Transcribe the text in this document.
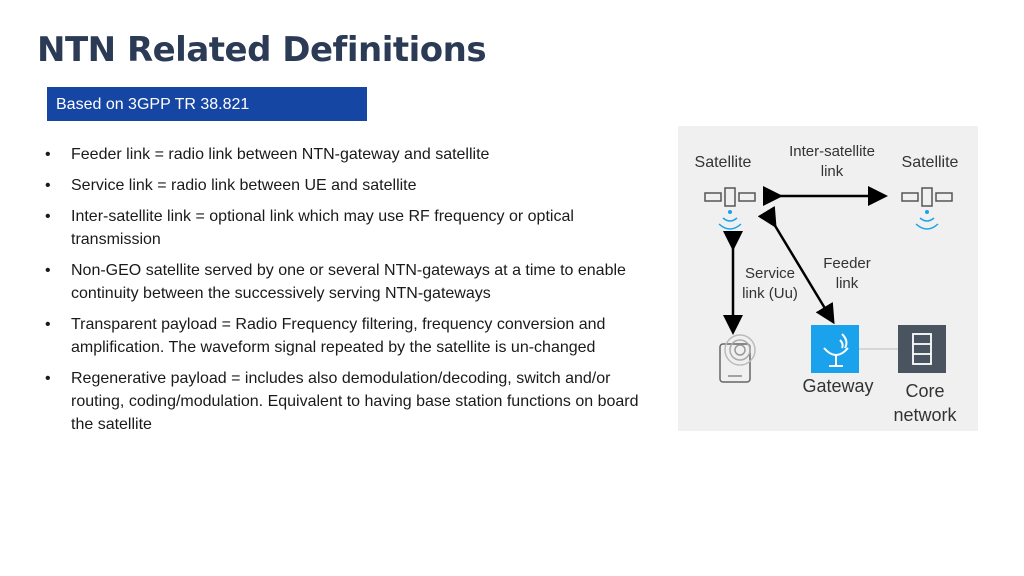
NTN Related Definitions
Based on 3GPP TR 38.821
• Feeder link = radio link between NTN-gateway and satellite
• Service link = radio link between UE and satellite
• Inter-satellite link = optional link which may use RF frequency or optical transmission
• Non-GEO satellite served by one or several NTN-gateways at a time to enable continuity between the successively serving NTN-gateways
• Transparent payload = Radio Frequency filtering, frequency conversion and amplification. The waveform signal repeated by the satellite is un-changed
• Regenerative payload = includes also demodulation/decoding, switch and/or routing, coding/modulation. Equivalent to having base station functions on board the satellite
Satellite	Satellite
Inter-satellite
link
Feeder
link
Service
link (Uu)
Gateway	Core
network
